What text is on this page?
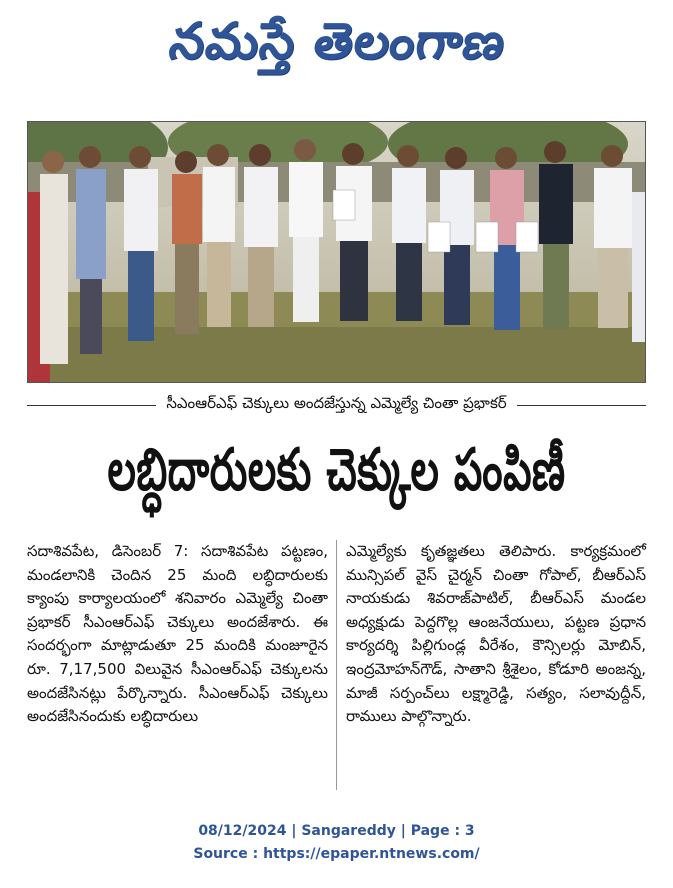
నమస్తే తెలంగాణ
సీఎంఆర్ఎఫ్ చెక్కులు అందజేస్తున్న ఎమ్మెల్యే చింతా ప్రభాకర్
లబ్ధిదారులకు చెక్కుల పంపిణీ

సదాశివపేట, డిసెంబర్ 7: సదాశివపేట పట్టణం, మండలానికి చెందిన 25 మంది లబ్ధిదారులకు క్యాంపు కార్యాలయంలో శనివారం ఎమ్మెల్యే చింతా ప్రభాకర్ సీఎంఆర్ఎఫ్ చెక్కులు అందజేశారు. ఈ సందర్భంగా మాట్లాడుతూ 25 మందికి మంజూరైన రూ. 7,17,500 విలువైన సీఎంఆర్ఎఫ్ చెక్కులను అందజేసినట్లు పేర్కొన్నారు. సీఎంఆర్ఎఫ్ చెక్కులు అందజేసినందుకు లబ్ధిదారులు

ఎమ్మెల్యేకు కృతజ్ఞతలు తెలిపారు. కార్యక్రమంలో మున్సిపల్ వైస్ చైర్మన్ చింతా గోపాల్, బీఆర్ఎస్ నాయకుడు శివరాజ్‌పాటిల్, బీఆర్ఎస్ మండల అధ్యక్షుడు పెద్దగొల్ల ఆంజనేయులు, పట్టణ ప్రధాన కార్యదర్శి పిల్లిగుండ్ల వీరేశం, కౌన్సిలర్లు మోబిన్, ఇంద్రమోహన్‌గౌడ్, సాతాని శ్రీశైలం, కోడూరి అంజన్న, మాజీ సర్పంచ్‌లు లక్ష్మారెడ్డి, సత్యం, సలావుద్దీన్, రాములు పాల్గొన్నారు.

08/12/2024 | Sangareddy | Page : 3
Source : https://epaper.ntnews.com/
